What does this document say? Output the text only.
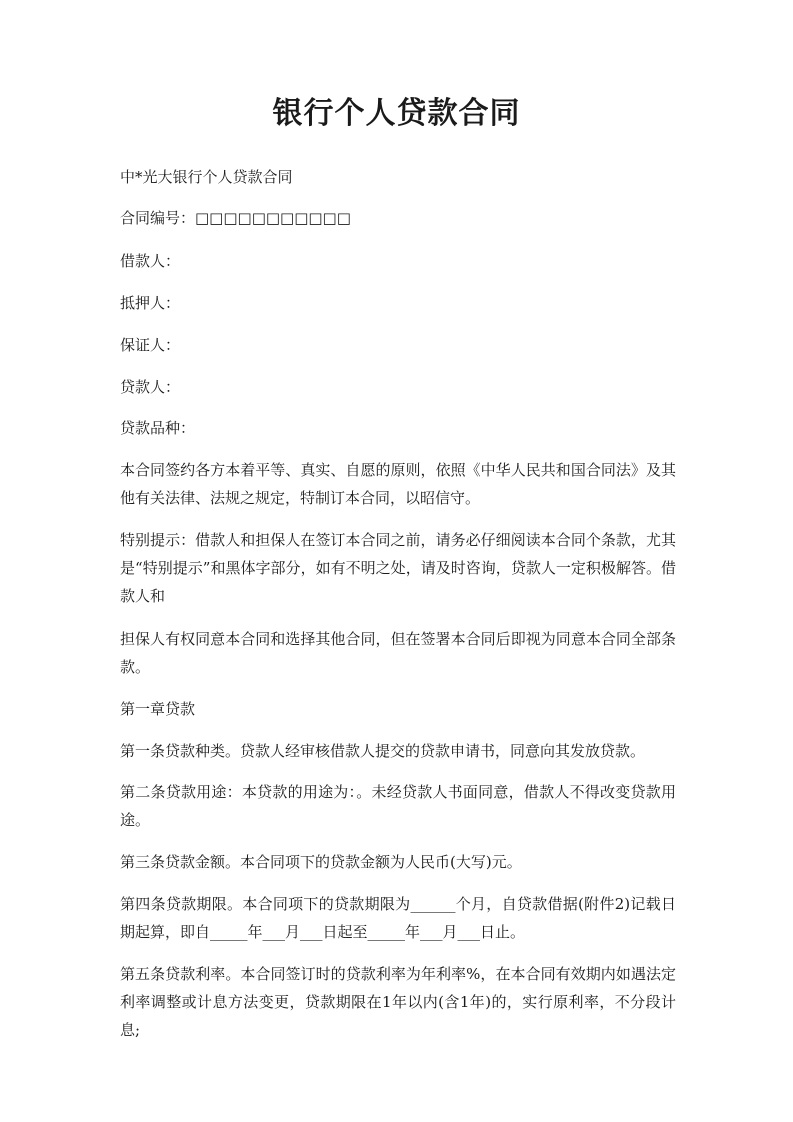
银行个人贷款合同

中*光大银行个人贷款合同

合同编号：□□□□□□□□□□□

借款人：

抵押人：

保证人：

贷款人：

贷款品种：

本合同签约各方本着平等、真实、自愿的原则，依照《中华人民共和国合同法》及其他有关法律、法规之规定，特制订本合同，以昭信守。

特别提示：借款人和担保人在签订本合同之前，请务必仔细阅读本合同个条款，尤其是“特别提示”和黑体字部分，如有不明之处，请及时咨询，贷款人一定积极解答。借款人和

担保人有权同意本合同和选择其他合同，但在签署本合同后即视为同意本合同全部条款。

第一章贷款

第一条贷款种类。贷款人经审核借款人提交的贷款申请书，同意向其发放贷款。

第二条贷款用途：本贷款的用途为：。未经贷款人书面同意，借款人不得改变贷款用途。

第三条贷款金额。本合同项下的贷款金额为人民币(大写)元。

第四条贷款期限。本合同项下的贷款期限为______个月，自贷款借据(附件2)记载日期起算，即自_____年___月___日起至_____年___月___日止。

第五条贷款利率。本合同签订时的贷款利率为年利率%，在本合同有效期内如遇法定利率调整或计息方法变更，贷款期限在1年以内(含1年)的，实行原利率，不分段计息;
